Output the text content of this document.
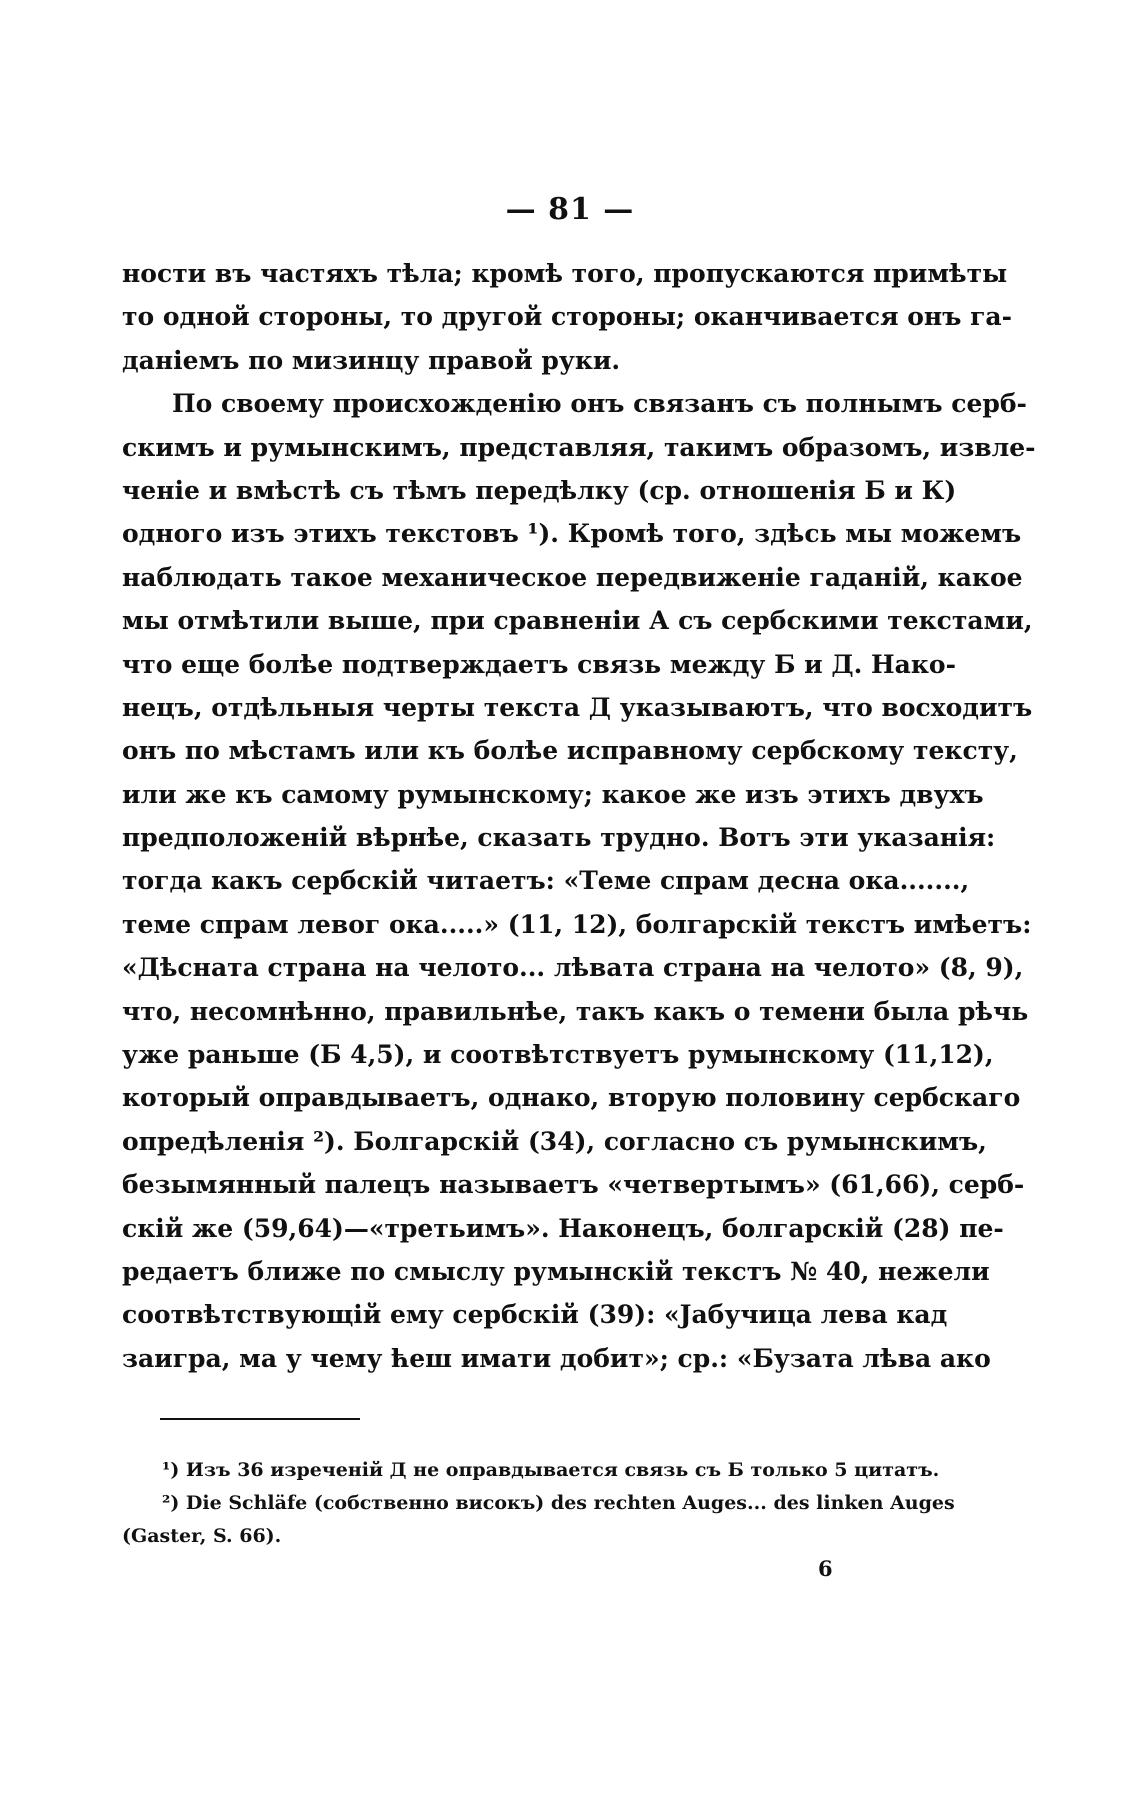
— 81 —
ности въ частяхъ тѣла; кромѣ того, пропускаются примѣты
то одной стороны, то другой стороны; оканчивается онъ га-
даніемъ по мизинцу правой руки.
По своему происхожденію онъ связанъ съ полнымъ серб-
скимъ и румынскимъ, представляя, такимъ образомъ, извле-
ченіе и вмѣстѣ съ тѣмъ передѣлку (ср. отношенія Б и К)
одного изъ этихъ текстовъ ¹). Кромѣ того, здѣсь мы можемъ
наблюдать такое механическое передвиженіе гаданій, какое
мы отмѣтили выше, при сравненіи А съ сербскими текстами,
что еще болѣе подтверждаетъ связь между Б и Д. Нако-
нецъ, отдѣльныя черты текста Д указываютъ, что восходитъ
онъ по мѣстамъ или къ болѣе исправному сербскому тексту,
или же къ самому румынскому; какое же изъ этихъ двухъ
предположеній вѣрнѣе, сказать трудно. Вотъ эти указанія:
тогда какъ сербскій читаетъ: «Теме спрам десна ока.......,
теме спрам левог ока.....» (11, 12), болгарскій текстъ имѣетъ:
«Дѣсната страна на челото... лѣвата страна на челото» (8, 9),
что, несомнѣнно, правильнѣе, такъ какъ о темени была рѣчь
уже раньше (Б 4,5), и соотвѣтствуетъ румынскому (11,12),
который оправдываетъ, однако, вторую половину сербскаго
опредѣленія ²). Болгарскій (34), согласно съ румынскимъ,
безымянный палецъ называетъ «четвертымъ» (61,66), серб-
скій же (59,64)—«третьимъ». Наконецъ, болгарскій (28) пе-
редаетъ ближе по смыслу румынскій текстъ № 40, нежели
соотвѣтствующій ему сербскій (39): «Јабучица лева кад
заигра, ма у чему ћеш имати добит»; ср.: «Бузата лѣва ако
¹) Изъ 36 изреченій Д не оправдывается связь съ Б только 5 цитатъ.
²) Die Schläfe (собственно високъ) des rechten Auges... des linken Auges
(Gaster, S. 66).
6
